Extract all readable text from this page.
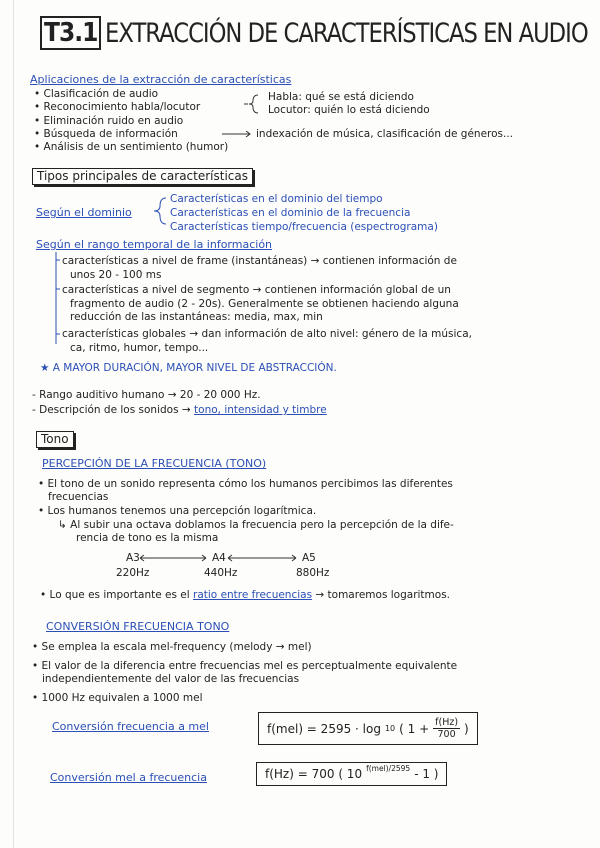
T3.1 EXTRACCIÓN DE CARACTERÍSTICAS EN AUDIO
Aplicaciones de la extracción de características
• Clasificación de audio
• Reconocimiento habla/locutor
• Eliminación ruido en audio
• Búsqueda de información
• Análisis de un sentimiento (humor)
Habla: qué se está diciendo
Locutor: quién lo está diciendo
indexación de música, clasificación de géneros...
Tipos principales de características
Según el dominio
Características en el dominio del tiempo
Características en el dominio de la frecuencia
Características tiempo/frecuencia (espectrograma)
Según el rango temporal de la información
características a nivel de frame (instantáneas) → contienen información de
unos 20 - 100 ms
características a nivel de segmento → contienen información global de un
fragmento de audio (2 - 20s). Generalmente se obtienen haciendo alguna
reducción de las instantáneas: media, max, min
características globales → dan información de alto nivel: género de la música,
ca, ritmo, humor, tempo...
★ A MAYOR DURACIÓN, MAYOR NIVEL DE ABSTRACCIÓN.
- Rango auditivo humano → 20 - 20 000 Hz.
- Descripción de los sonidos → tono, intensidad y timbre
Tono
PERCEPCIÓN DE LA FRECUENCIA (TONO)
• El tono de un sonido representa cómo los humanos percibimos las diferentes
frecuencias
• Los humanos tenemos una percepción logarítmica.
↳ Al subir una octava doblamos la frecuencia pero la percepción de la dife-
rencia de tono es la misma
A3	A4	A5
220Hz	440Hz	880Hz
• Lo que es importante es el ratio entre frecuencias → tomaremos logaritmos.
CONVERSIÓN FRECUENCIA TONO
• Se emplea la escala mel-frequency (melody → mel)
• El valor de la diferencia entre frecuencias mel es perceptualmente equivalente
independientemente del valor de las frecuencias
• 1000 Hz equivalen a 1000 mel
Conversión frecuencia a mel	f(mel) = 2595 · log 10 ( $1 + \frac{f(Hz)}{700}$ )
Conversión mel a frecuencia	f(Hz) = 700 ( 10 $^{f(mel)/2595}$ - 1 )
